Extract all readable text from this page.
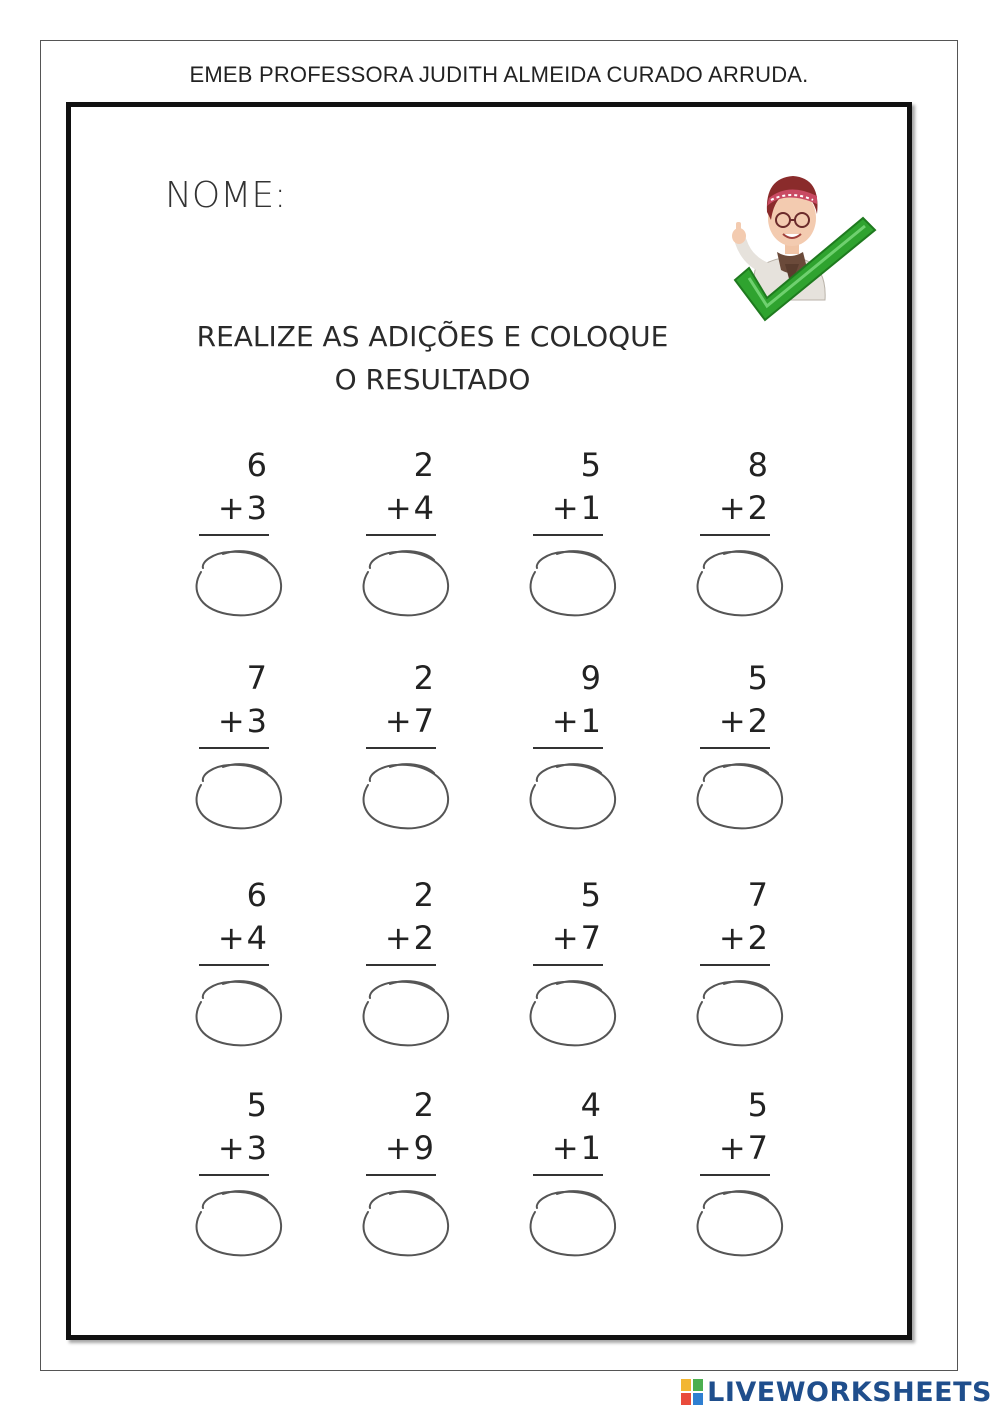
EMEB PROFESSORA JUDITH ALMEIDA CURADO ARRUDA.
NOME:
REALIZE AS ADIÇÕES E COLOQUE
O RESULTADO
6
+3
2
+4
5
+1
8
+2
7
+3
2
+7
9
+1
5
+2
6
+4
2
+2
5
+7
7
+2
5
+3
2
+9
4
+1
5
+7
LIVEWORKSHEETS
